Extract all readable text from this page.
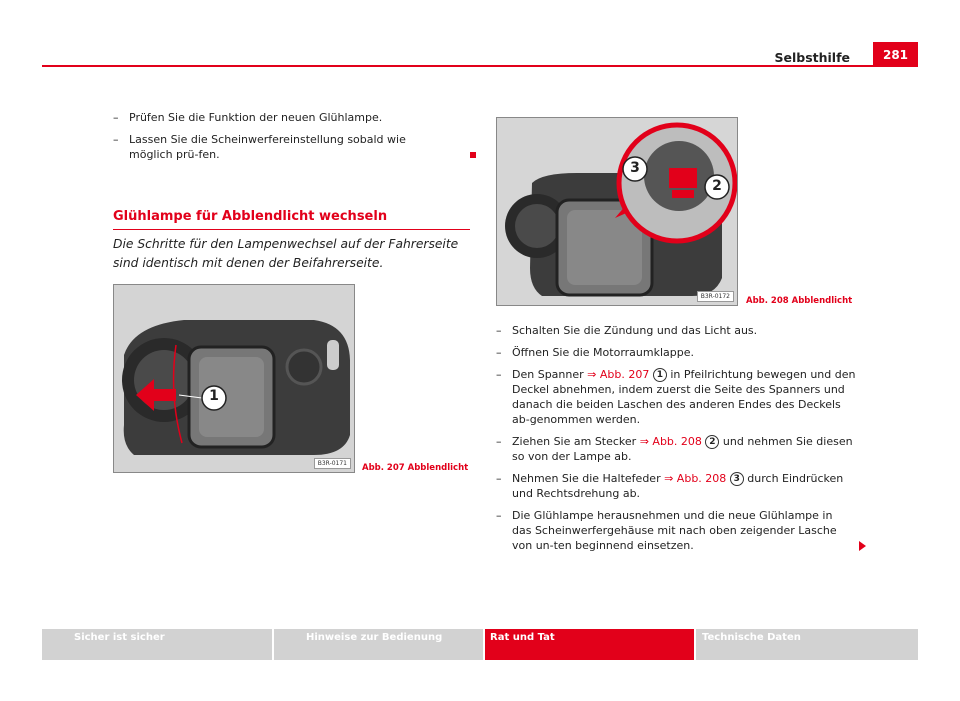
Selbsthilfe	281
– Prüfen Sie die Funktion der neuen Glühlampe.
– Lassen Sie die Scheinwerfereinstellung sobald wie möglich prü-fen.
Glühlampe für Abblendlicht wechseln
Die Schritte für den Lampenwechsel auf der Fahrerseite sind identisch mit denen der Beifahrerseite.
1
B3R-0171	Abb. 207 Abblendlicht
3
2
B3R-0172	Abb. 208 Abblendlicht
– Schalten Sie die Zündung und das Licht aus.
– Öffnen Sie die Motorraumklappe.
– Den Spanner ⇒ Abb. 207 1 in Pfeilrichtung bewegen und den Deckel abnehmen, indem zuerst die Seite des Spanners und danach die beiden Laschen des anderen Endes des Deckels ab-genommen werden.
– Ziehen Sie am Stecker ⇒ Abb. 208 2 und nehmen Sie diesen so von der Lampe ab.
– Nehmen Sie die Haltefeder ⇒ Abb. 208 3 durch Eindrücken und Rechtsdrehung ab.
– Die Glühlampe herausnehmen und die neue Glühlampe in das Scheinwerfergehäuse mit nach oben zeigender Lasche von un-ten beginnend einsetzen.
Sicher ist sicher	Hinweise zur Bedienung	Rat und Tat	Technische Daten
